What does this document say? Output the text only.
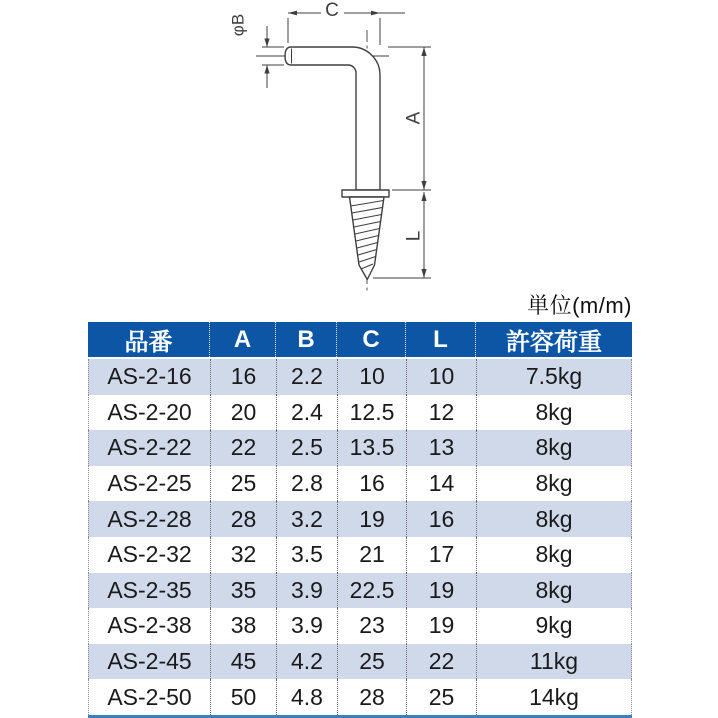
C
φB
A
L
単位(m/m)
品番	A	B	C	L	許容荷重
AS-2-16	16	2.2	10	10	7.5kg
AS-2-20	20	2.4	12.5	12	8kg
AS-2-22	22	2.5	13.5	13	8kg
AS-2-25	25	2.8	16	14	8kg
AS-2-28	28	3.2	19	16	8kg
AS-2-32	32	3.5	21	17	8kg
AS-2-35	35	3.9	22.5	19	8kg
AS-2-38	38	3.9	23	19	9kg
AS-2-45	45	4.2	25	22	11kg
AS-2-50	50	4.8	28	25	14kg
